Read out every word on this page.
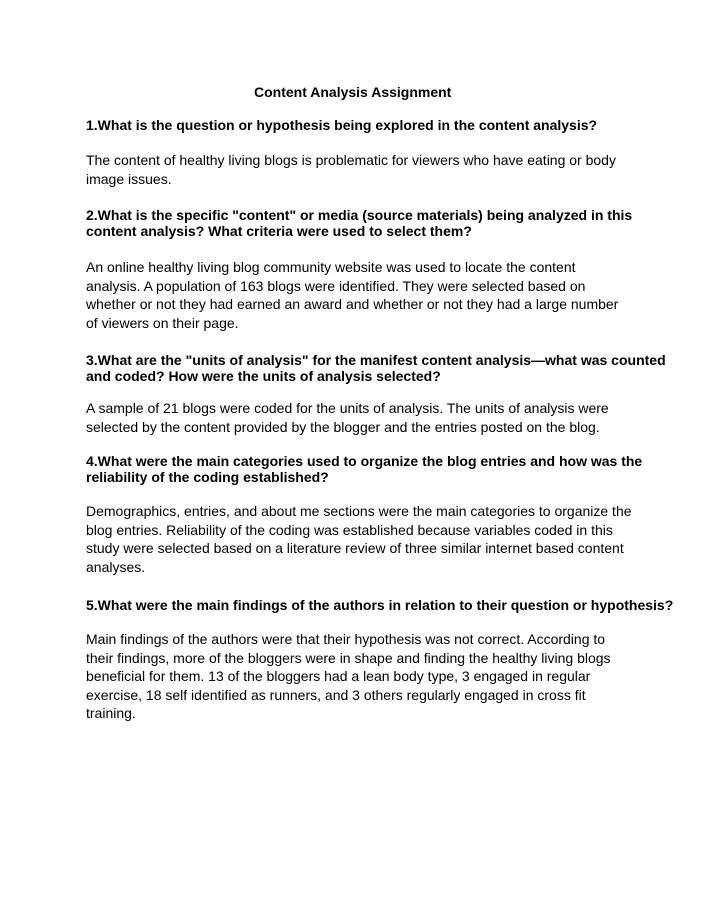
Content Analysis Assignment
1.What is the question or hypothesis being explored in the content analysis?
The content of healthy living blogs is problematic for viewers who have eating or body
image issues.
2.What is the specific "content" or media (source materials) being analyzed in this
content analysis? What criteria were used to select them?
An online healthy living blog community website was used to locate the content
analysis. A population of 163 blogs were identified. They were selected based on
whether or not they had earned an award and whether or not they had a large number
of viewers on their page.
3.What are the "units of analysis" for the manifest content analysis—what was counted
and coded? How were the units of analysis selected?
A sample of 21 blogs were coded for the units of analysis. The units of analysis were
selected by the content provided by the blogger and the entries posted on the blog.
4.What were the main categories used to organize the blog entries and how was the
reliability of the coding established?
Demographics, entries, and about me sections were the main categories to organize the
blog entries. Reliability of the coding was established because variables coded in this
study were selected based on a literature review of three similar internet based content
analyses.
5.What were the main findings of the authors in relation to their question or hypothesis?
Main findings of the authors were that their hypothesis was not correct. According to
their findings, more of the bloggers were in shape and finding the healthy living blogs
beneficial for them. 13 of the bloggers had a lean body type, 3 engaged in regular
exercise, 18 self identified as runners, and 3 others regularly engaged in cross fit
training.
